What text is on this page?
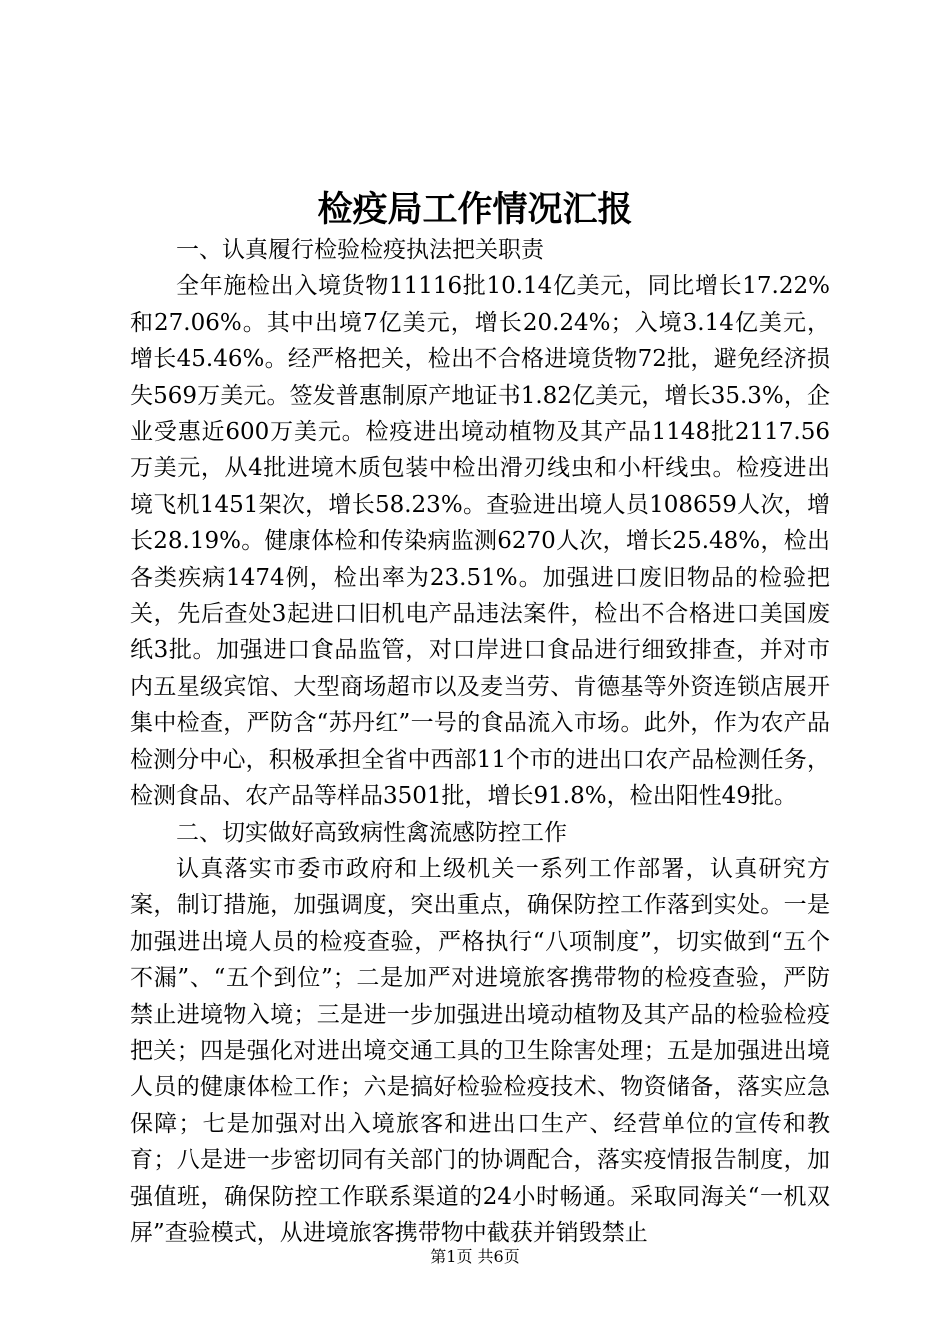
检疫局工作情况汇报

一、认真履行检验检疫执法把关职责

全年施检出入境货物11116批10.14亿美元，同比增长17.22%和27.06%。其中出境7亿美元，增长20.24%；入境3.14亿美元，增长45.46%。经严格把关，检出不合格进境货物72批，避免经济损失569万美元。签发普惠制原产地证书1.82亿美元，增长35.3%，企业受惠近600万美元。检疫进出境动植物及其产品1148批2117.56万美元，从4批进境木质包装中检出滑刃线虫和小杆线虫。检疫进出境飞机1451架次，增长58.23%。查验进出境人员108659人次，增长28.19%。健康体检和传染病监测6270人次，增长25.48%，检出各类疾病1474例，检出率为23.51%。加强进口废旧物品的检验把关，先后查处3起进口旧机电产品违法案件，检出不合格进口美国废纸3批。加强进口食品监管，对口岸进口食品进行细致排查，并对市内五星级宾馆、大型商场超市以及麦当劳、肯德基等外资连锁店展开集中检查，严防含“苏丹红”一号的食品流入市场。此外，作为农产品检测分中心，积极承担全省中西部11个市的进出口农产品检测任务，检测食品、农产品等样品3501批，增长91.8%，检出阳性49批。

二、切实做好高致病性禽流感防控工作

认真落实市委市政府和上级机关一系列工作部署，认真研究方案，制订措施，加强调度，突出重点，确保防控工作落到实处。一是加强进出境人员的检疫查验，严格执行“八项制度”，切实做到“五个不漏”、“五个到位”；二是加严对进境旅客携带物的检疫查验，严防禁止进境物入境；三是进一步加强进出境动植物及其产品的检验检疫把关；四是强化对进出境交通工具的卫生除害处理；五是加强进出境人员的健康体检工作；六是搞好检验检疫技术、物资储备，落实应急保障；七是加强对出入境旅客和进出口生产、经营单位的宣传和教育；八是进一步密切同有关部门的协调配合，落实疫情报告制度，加强值班，确保防控工作联系渠道的24小时畅通。采取同海关“一机双屏”查验模式，从进境旅客携带物中截获并销毁禁止

第1页 共6页
